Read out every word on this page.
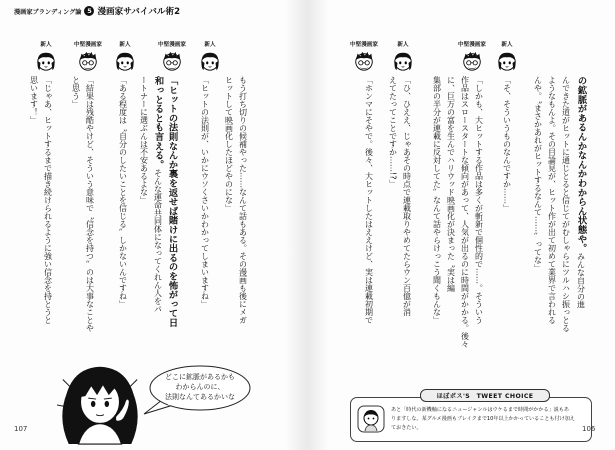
漫画家ブランディング論 5 漫画家サバイバル術2
新人
中堅漫画家
新人
中堅漫画家
の鉱脈があるんかなんかわからん状態や。みんな自分の進
んできた道がヒットに通じとると信じてがむしゃらにツルハシ振っとる
ようなもんよ。その目論見が、ヒット作が出て初めて業界で言われる
んや。〝まさかあれがヒットするなんて……〟ってな」
「そ、そういうものなんですか……」
「しかも、大ヒットする作品は多くが斬新で個性的で……。そういう
作品はスロースタートな傾向があって、人気が出るのに時間がかかる。後々
に、巨万の富を生んでハリウッド映画化が決まった〝実は編
集部の半分が連載に反対してた〟なんて話やらけっこう聞くもんな」
「ひ、ひええ、じゃあその時点で連載取りやめてたらウン百億が消
えてたってことですか……!?」
「ホンマにそやで。後々、大ヒットしたはええけど、実は連載初期で
ほぼボス'S　TWEET CHOICE
あと「時代の新機軸になるニュージャンルはウケるまで時間がかかる」説もあ
りますしな。某グルメ漫画もブレイクまで10年以上かかっていることも付け加え
ておきたい。	106
新人
中堅漫画家
新人
中堅漫画家
新人
もう打ち切りの候補やった……なんて話もある。その漫画も後にメガ
ヒットして映画化したほどやのにな」
「ヒットの法則が、いかにウソくさいかわかってしまいますね」
「ヒットの法則なんか裏を返せば賭けに出るのを怖がって日
和っとるとも言える。そんな運命共同体になってくれん人をパ
ートナーに選ぶんは不安あるよな」
「ある程度は〝自分のしたいことを信じる〟しかないんですね」
「結果は残酷やけど、そういう意味で〝信念を持つ〟のは大事なことや
と思う」
「じゃあ、ヒットするまで描き続けられるように強い信念を持とうと
思います！」
どこに鉱脈があるかも
わからんのに、
法則なんてあるかいな
107
